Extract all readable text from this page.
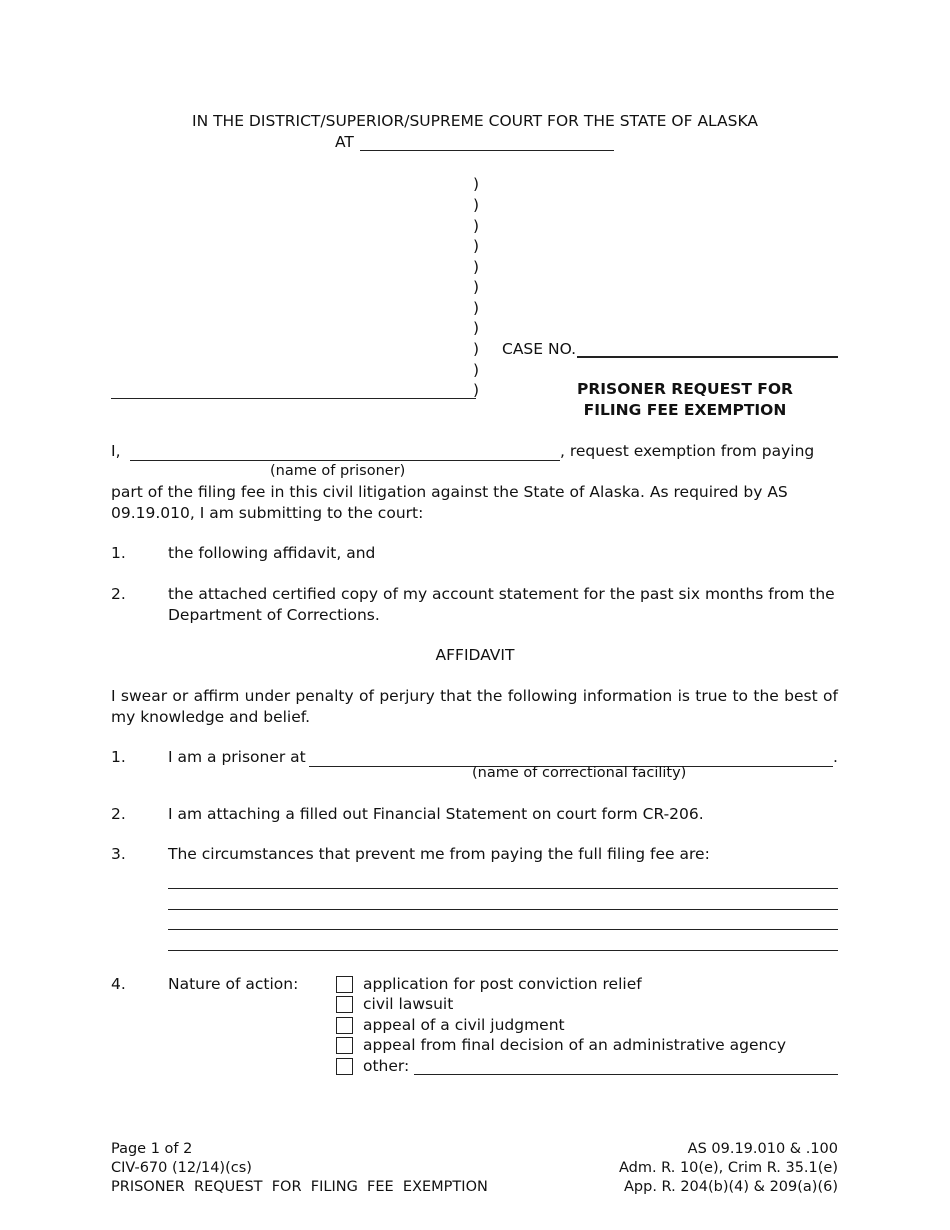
IN THE DISTRICT/SUPERIOR/SUPREME COURT FOR THE STATE OF ALASKA
AT
)
)
)
)
)
)
)
)
)
)
)
CASE NO.
PRISONER REQUEST FOR
FILING FEE EXEMPTION
I,	, request exemption from paying
(name of prisoner)
part of the filing fee in this civil litigation against the State of Alaska. As required by AS 09.19.010, I am submitting to the court:
1.	the following affidavit, and
2.	the attached certified copy of my account statement for the past six months from the
Department of Corrections.
AFFIDAVIT
I swear or affirm under penalty of perjury that the following information is true to the best of my knowledge and belief.
1.	I am a prisoner at	.
(name of correctional facility)
2.	I am attaching a filled out Financial Statement on court form CR-206.
3.	The circumstances that prevent me from paying the full filing fee are:
4.	Nature of action:	application for post conviction relief
civil lawsuit
appeal of a civil judgment
appeal from final decision of an administrative agency
other:
Page 1 of 2
CIV-670 (12/14)(cs)
PRISONER  REQUEST  FOR  FILING  FEE  EXEMPTION
AS 09.19.010 & .100
Adm. R. 10(e), Crim R. 35.1(e)
App. R. 204(b)(4) & 209(a)(6)
